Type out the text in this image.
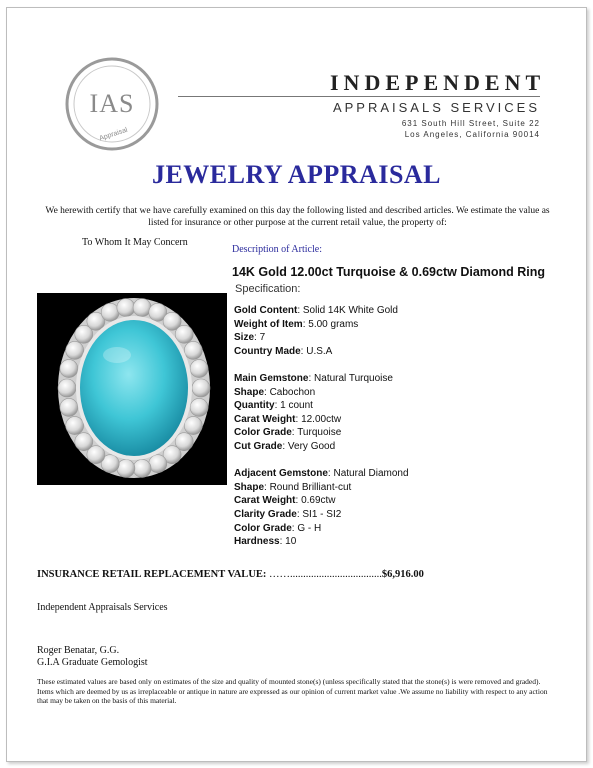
IAS
Appraisal
INDEPENDENT
APPRAISALS SERVICES
631 South Hill Street, Suite 22
Los Angeles, California 90014
JEWELRY APPRAISAL
We herewith certify that we have carefully examined on this day the following listed and described articles. We estimate the value as listed for insurance or other purpose at the current retail value, the property of:
To Whom It May Concern
Description of Article:
14K Gold 12.00ct Turquoise & 0.69ctw Diamond Ring
Specification:
Gold Content: Solid 14K White Gold
Weight of Item: 5.00 grams
Size: 7
Country Made: U.S.A
Main Gemstone: Natural Turquoise
Shape: Cabochon
Quantity: 1 count
Carat Weight: 12.00ctw
Color Grade: Turquoise
Cut Grade: Very Good
Adjacent Gemstone: Natural Diamond
Shape: Round Brilliant-cut
Carat Weight: 0.69ctw
Clarity Grade: SI1 - SI2
Color Grade: G - H
Hardness: 10
INSURANCE RETAIL REPLACEMENT VALUE: ……...................................$6,916.00
Independent Appraisals Services
Roger Benatar, G.G.
G.I.A Graduate Gemologist
These estimated values are based only on estimates of the size and quality of mounted stone(s) (unless specifically stated that the stone(s) is were removed and graded). Items which are deemed by us as irreplaceable or antique in nature are expressed as our opinion of current market value .We assume no liability with respect to any action that may be taken on the basis of this material.
